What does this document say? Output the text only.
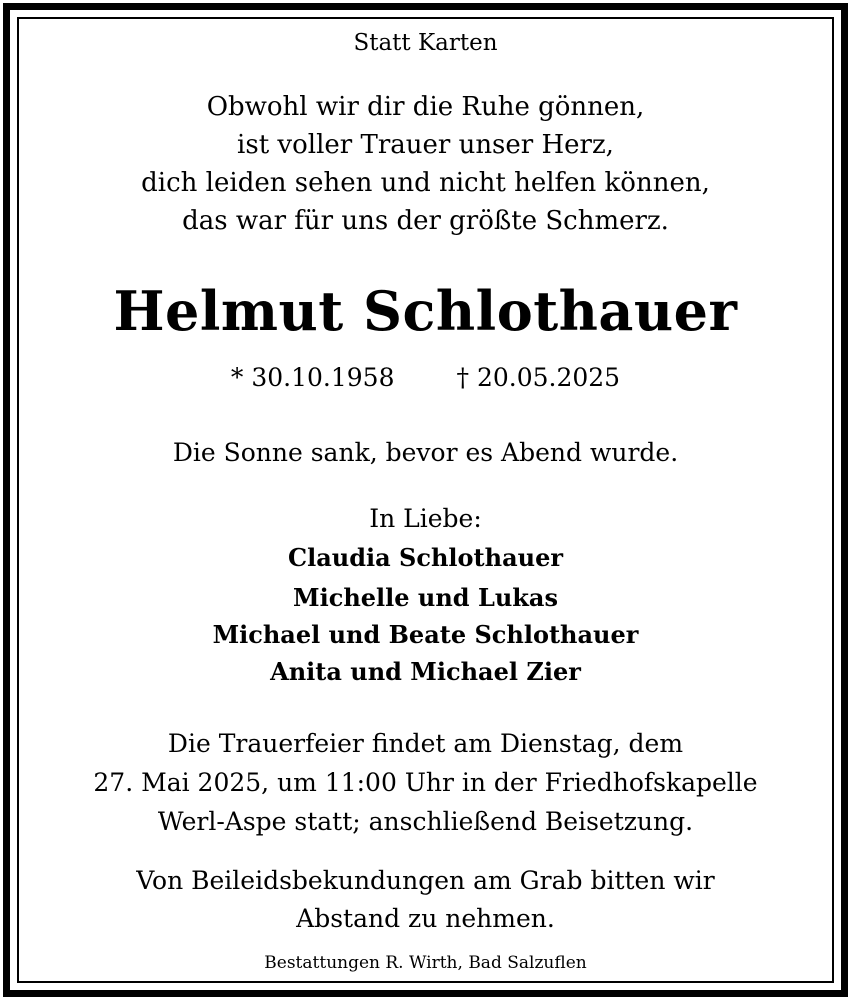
Statt Karten
Obwohl wir dir die Ruhe gönnen,
ist voller Trauer unser Herz,
dich leiden sehen und nicht helfen können,
das war für uns der größte Schmerz.
Helmut Schlothauer
* 30.10.1958 † 20.05.2025
Die Sonne sank, bevor es Abend wurde.
In Liebe:
Claudia Schlothauer
Michelle und Lukas
Michael und Beate Schlothauer
Anita und Michael Zier
Die Trauerfeier findet am Dienstag, dem
27. Mai 2025, um 11:00 Uhr in der Friedhofskapelle
Werl-Aspe statt; anschließend Beisetzung.
Von Beileidsbekundungen am Grab bitten wir
Abstand zu nehmen.
Bestattungen R. Wirth, Bad Salzuflen
